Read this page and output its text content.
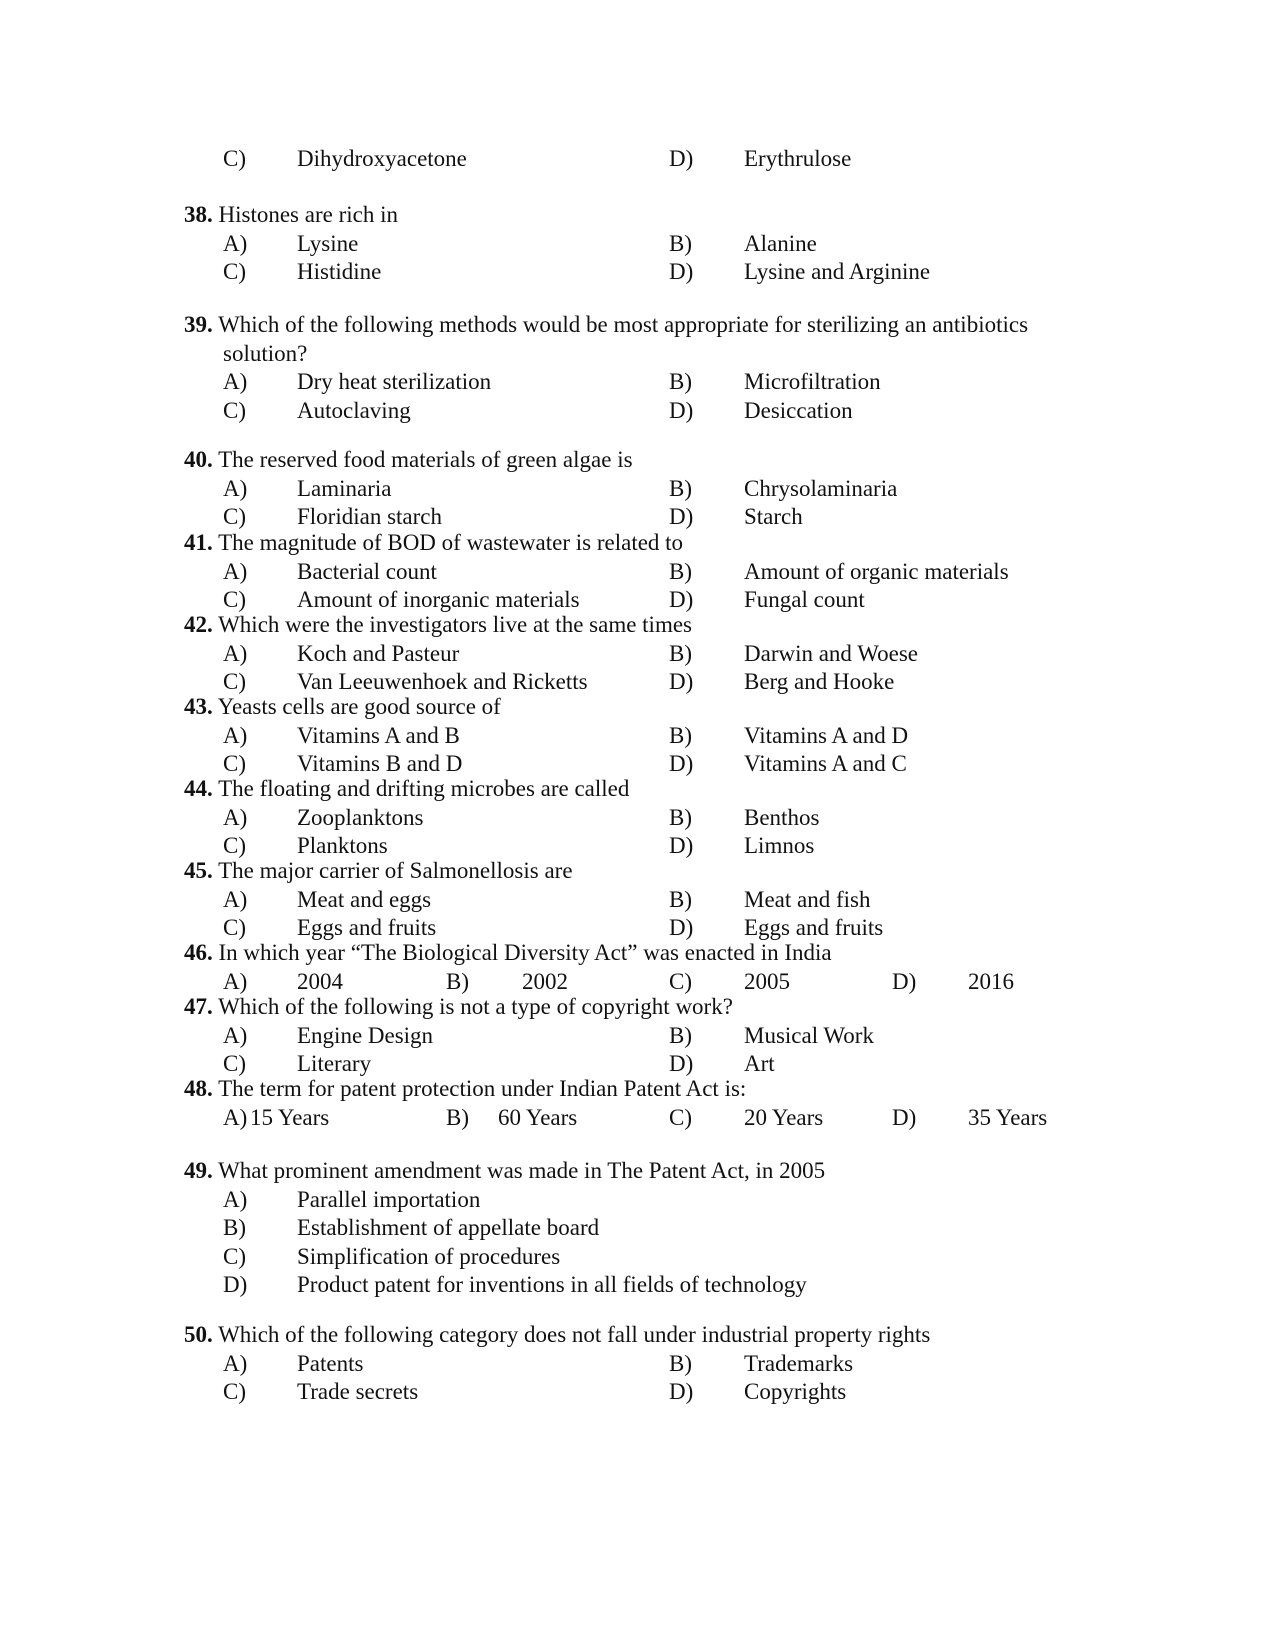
C) Dihydroxyacetone	D) Erythrulose
38. Histones are rich in
A) Lysine	B) Alanine
C) Histidine	D) Lysine and Arginine
39. Which of the following methods would be most appropriate for sterilizing an antibiotics
solution?
A) Dry heat sterilization	B) Microfiltration
C) Autoclaving	D) Desiccation
40. The reserved food materials of green algae is
A) Laminaria	B) Chrysolaminaria
C) Floridian starch	D) Starch
41. The magnitude of BOD of wastewater is related to
A) Bacterial count	B) Amount of organic materials
C) Amount of inorganic materials	D) Fungal count
42. Which were the investigators live at the same times
A) Koch and Pasteur	B) Darwin and Woese
C) Van Leeuwenhoek and Ricketts	D) Berg and Hooke
43. Yeasts cells are good source of
A) Vitamins A and B	B) Vitamins A and D
C) Vitamins B and D	D) Vitamins A and C
44. The floating and drifting microbes are called
A) Zooplanktons	B) Benthos
C) Planktons	D) Limnos
45. The major carrier of Salmonellosis are
A) Meat and eggs	B) Meat and fish
C) Eggs and fruits	D) Eggs and fruits
46. In which year “The Biological Diversity Act” was enacted in India
A) 2004	B) 2002	C) 2005	D) 2016
47. Which of the following is not a type of copyright work?
A) Engine Design	B) Musical Work
C) Literary	D) Art
48. The term for patent protection under Indian Patent Act is:
A) 15 Years	B) 60 Years	C) 20 Years	D) 35 Years
49. What prominent amendment was made in The Patent Act, in 2005
A) Parallel importation
B) Establishment of appellate board
C) Simplification of procedures
D) Product patent for inventions in all fields of technology
50. Which of the following category does not fall under industrial property rights
A) Patents	B) Trademarks
C) Trade secrets	D) Copyrights
